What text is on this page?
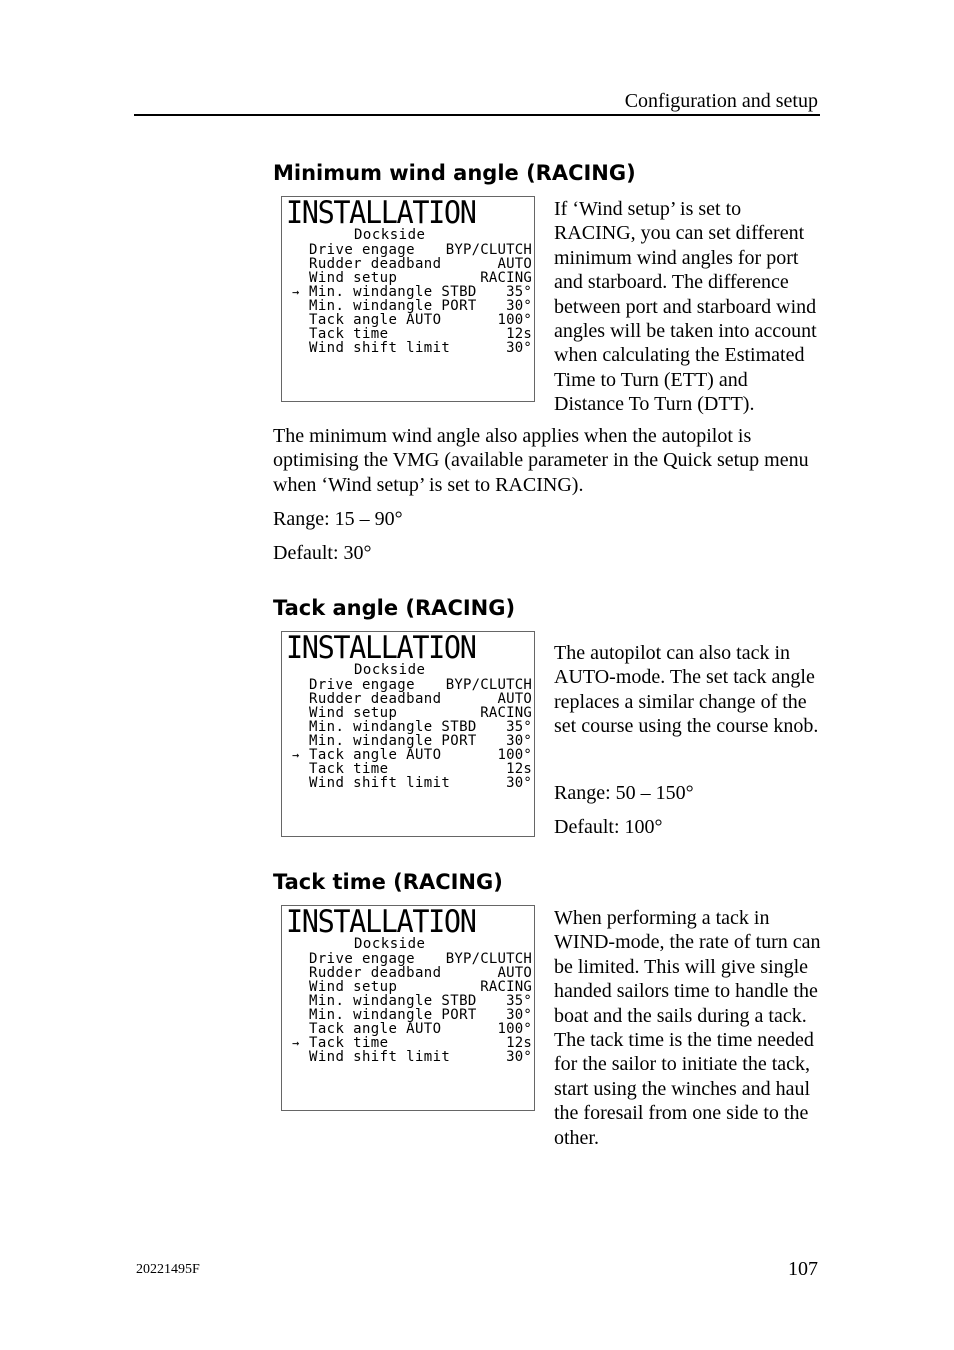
Configuration and setup
Minimum wind angle (RACING)
INSTALLATION
Dockside
Drive engage BYP/CLUTCH
Rudder deadband	AUTO
Wind setup	RACING
→ Min. windangle STBD 35°
Min. windangle PORT 30°
Tack angle AUTO	100°
Tack time	12s
Wind shift limit	30°
If ‘Wind setup’ is set to RACING, you can set different minimum wind angles for port and starboard. The difference between port and starboard wind angles will be taken into account when calculating the Estimated Time to Turn (ETT) and Distance To Turn (DTT).
The minimum wind angle also applies when the autopilot is optimising the VMG (available parameter in the Quick setup menu when ‘Wind setup’ is set to RACING).
Range: 15 – 90°
Default: 30°
Tack angle (RACING)
INSTALLATION
Dockside
Drive engage BYP/CLUTCH
Rudder deadband	AUTO
Wind setup	RACING
Min. windangle STBD 35°
Min. windangle PORT 30°
→ Tack angle AUTO	100°
Tack time	12s
Wind shift limit	30°
The autopilot can also tack in AUTO-mode. The set tack angle replaces a similar change of the set course using the course knob.
Range: 50 – 150°
Default: 100°
Tack time (RACING)
INSTALLATION
Dockside
Drive engage BYP/CLUTCH
Rudder deadband	AUTO
Wind setup	RACING
Min. windangle STBD 35°
Min. windangle PORT 30°
Tack angle AUTO	100°
→ Tack time	12s
Wind shift limit	30°
When performing a tack in WIND-mode, the rate of turn can be limited. This will give single handed sailors time to handle the boat and the sails during a tack. The tack time is the time needed for the sailor to initiate the tack, start using the winches and haul the foresail from one side to the other.
20221495F	107
